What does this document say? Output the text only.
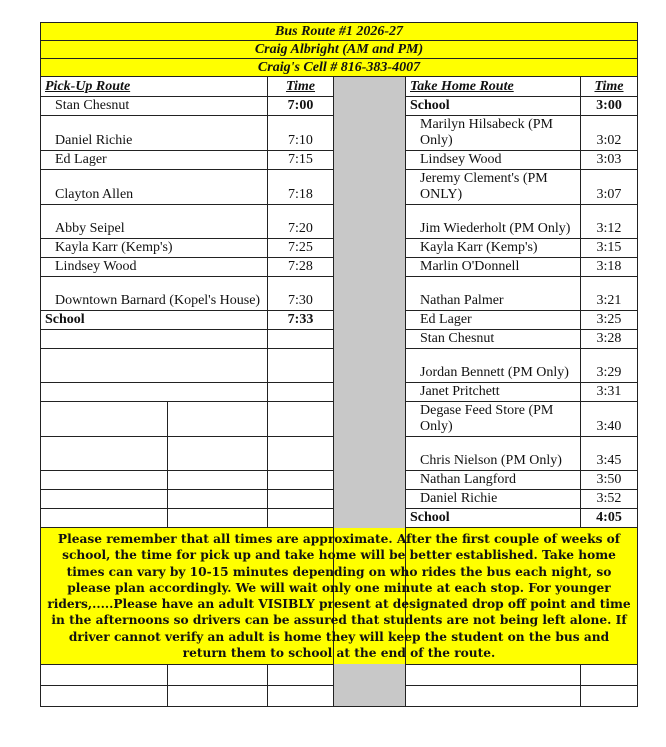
Bus Route #1 2026-27						
Craig Albright (AM and PM)						
Craig's Cell # 816-383-4007						
Pick-Up Route		Time		Take Home Route	Time	
Stan Chesnut		7:00		School	3:00	
Daniel Richie		7:10		Marilyn Hilsabeck (PM Only)	3:02	
Ed Lager		7:15		Lindsey Wood	3:03	
Clayton Allen		7:18		Jeremy Clement's (PM ONLY)	3:07	
Abby Seipel		7:20		Jim Wiederholt (PM Only)	3:12	
Kayla Karr (Kemp's)		7:25		Kayla Karr (Kemp's)	3:15	
Lindsey Wood		7:28		Marlin O'Donnell	3:18	
Downtown Barnard (Kopel's House)		7:30		Nathan Palmer	3:21	
School		7:33		Ed Lager	3:25	
				Stan Chesnut	3:28	
				Jordan Bennett (PM Only)	3:29	
				Janet Pritchett	3:31	
				Degase Feed Store (PM Only)	3:40	
				Chris Nielson (PM Only)	3:45	
				Nathan Langford	3:50	
				Daniel Richie	3:52	
				School	4:05	
Please remember that all times are approximate. After the first couple of weeks of school, the time for pick up and take home will be better established. Take home times can vary by 10-15 minutes depending on who rides the bus each night, so please plan accordingly. We will wait only one minute at each stop. For younger riders,.....Please have an adult VISIBLY present at designated drop off point and time in the afternoons so drivers can be assured that students are not being left alone. If driver cannot verify an adult is home they will keep the student on the bus and return them to school at the end of the route.						
